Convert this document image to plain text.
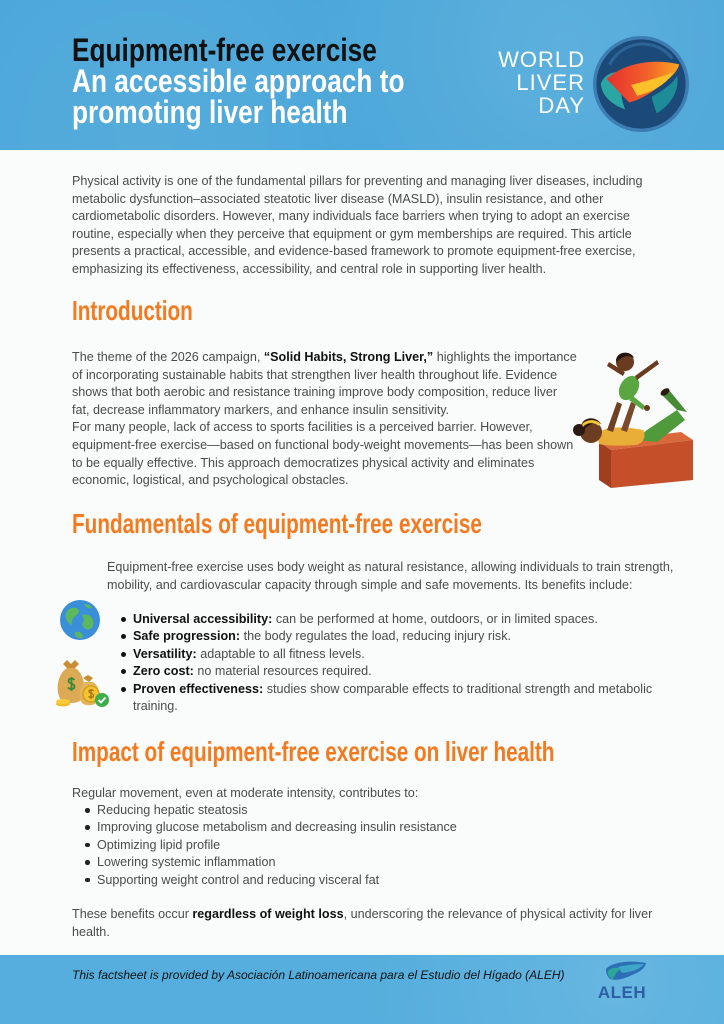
Equipment-free exercise
An accessible approach to
promoting liver health
WORLD
LIVER
DAY
Physical activity is one of the fundamental pillars for preventing and managing liver diseases, including metabolic dysfunction–associated steatotic liver disease (MASLD), insulin resistance, and other cardiometabolic disorders. However, many individuals face barriers when trying to adopt an exercise routine, especially when they perceive that equipment or gym memberships are required. This article presents a practical, accessible, and evidence-based framework to promote equipment-free exercise, emphasizing its effectiveness, accessibility, and central role in supporting liver health.
Introduction
The theme of the 2026 campaign, “Solid Habits, Strong Liver,” highlights the importance of incorporating sustainable habits that strengthen liver health throughout life. Evidence shows that both aerobic and resistance training improve body composition, reduce liver fat, decrease inflammatory markers, and enhance insulin sensitivity.
For many people, lack of access to sports facilities is a perceived barrier. However, equipment-free exercise—based on functional body-weight movements—has been shown to be equally effective. This approach democratizes physical activity and eliminates economic, logistical, and psychological obstacles.
Fundamentals of equipment-free exercise
Equipment-free exercise uses body weight as natural resistance, allowing individuals to train strength, mobility, and cardiovascular capacity through simple and safe movements. Its benefits include:
Universal accessibility: can be performed at home, outdoors, or in limited spaces.
Safe progression: the body regulates the load, reducing injury risk.
Versatility: adaptable to all fitness levels.
Zero cost: no material resources required.
Proven effectiveness: studies show comparable effects to traditional strength and metabolic training.
Impact of equipment-free exercise on liver health
Regular movement, even at moderate intensity, contributes to:
Reducing hepatic steatosis
Improving glucose metabolism and decreasing insulin resistance
Optimizing lipid profile
Lowering systemic inflammation
Supporting weight control and reducing visceral fat
These benefits occur regardless of weight loss, underscoring the relevance of physical activity for liver health.
This factsheet is provided by Asociación Latinoamericana para el Estudio del Hígado (ALEH)
ALEH
